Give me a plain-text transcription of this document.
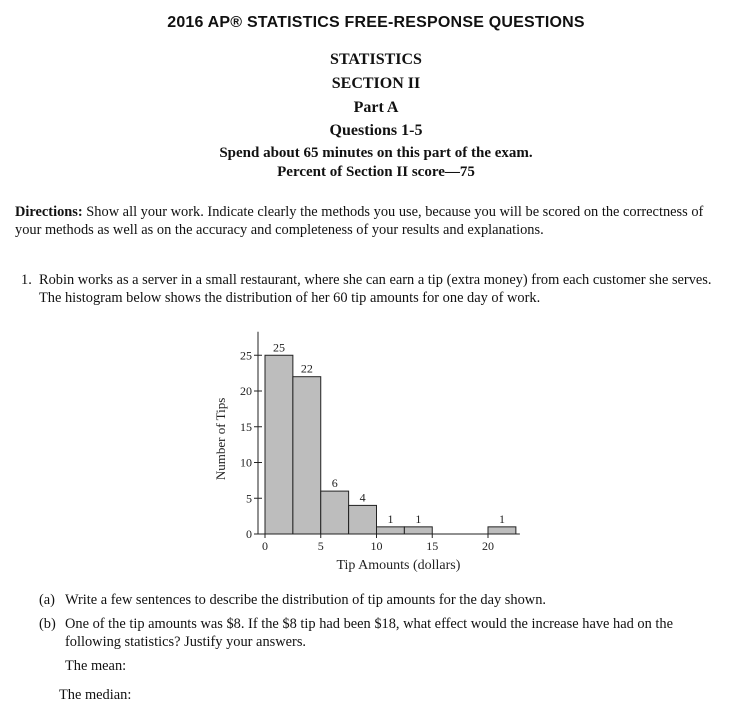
2016 AP® STATISTICS FREE-RESPONSE QUESTIONS
STATISTICS
SECTION II
Part A
Questions 1-5
Spend about 65 minutes on this part of the exam.
Percent of Section II score—75
Directions: Show all your work. Indicate clearly the methods you use, because you will be scored on the correctness of your methods as well as on the accuracy and completeness of your results and explanations.
1. Robin works as a server in a small restaurant, where she can earn a tip (extra money) from each customer she serves. The histogram below shows the distribution of her 60 tip amounts for one day of work.
0
5
10
15
20
25
0	5	10	15	20
25
22
6
4
1 1	1
Tip Amounts (dollars)
Number of Tips
(a) Write a few sentences to describe the distribution of tip amounts for the day shown.
(b) One of the tip amounts was $8. If the $8 tip had been $18, what effect would the increase have had on the following statistics? Justify your answers.
The mean:
The median:
